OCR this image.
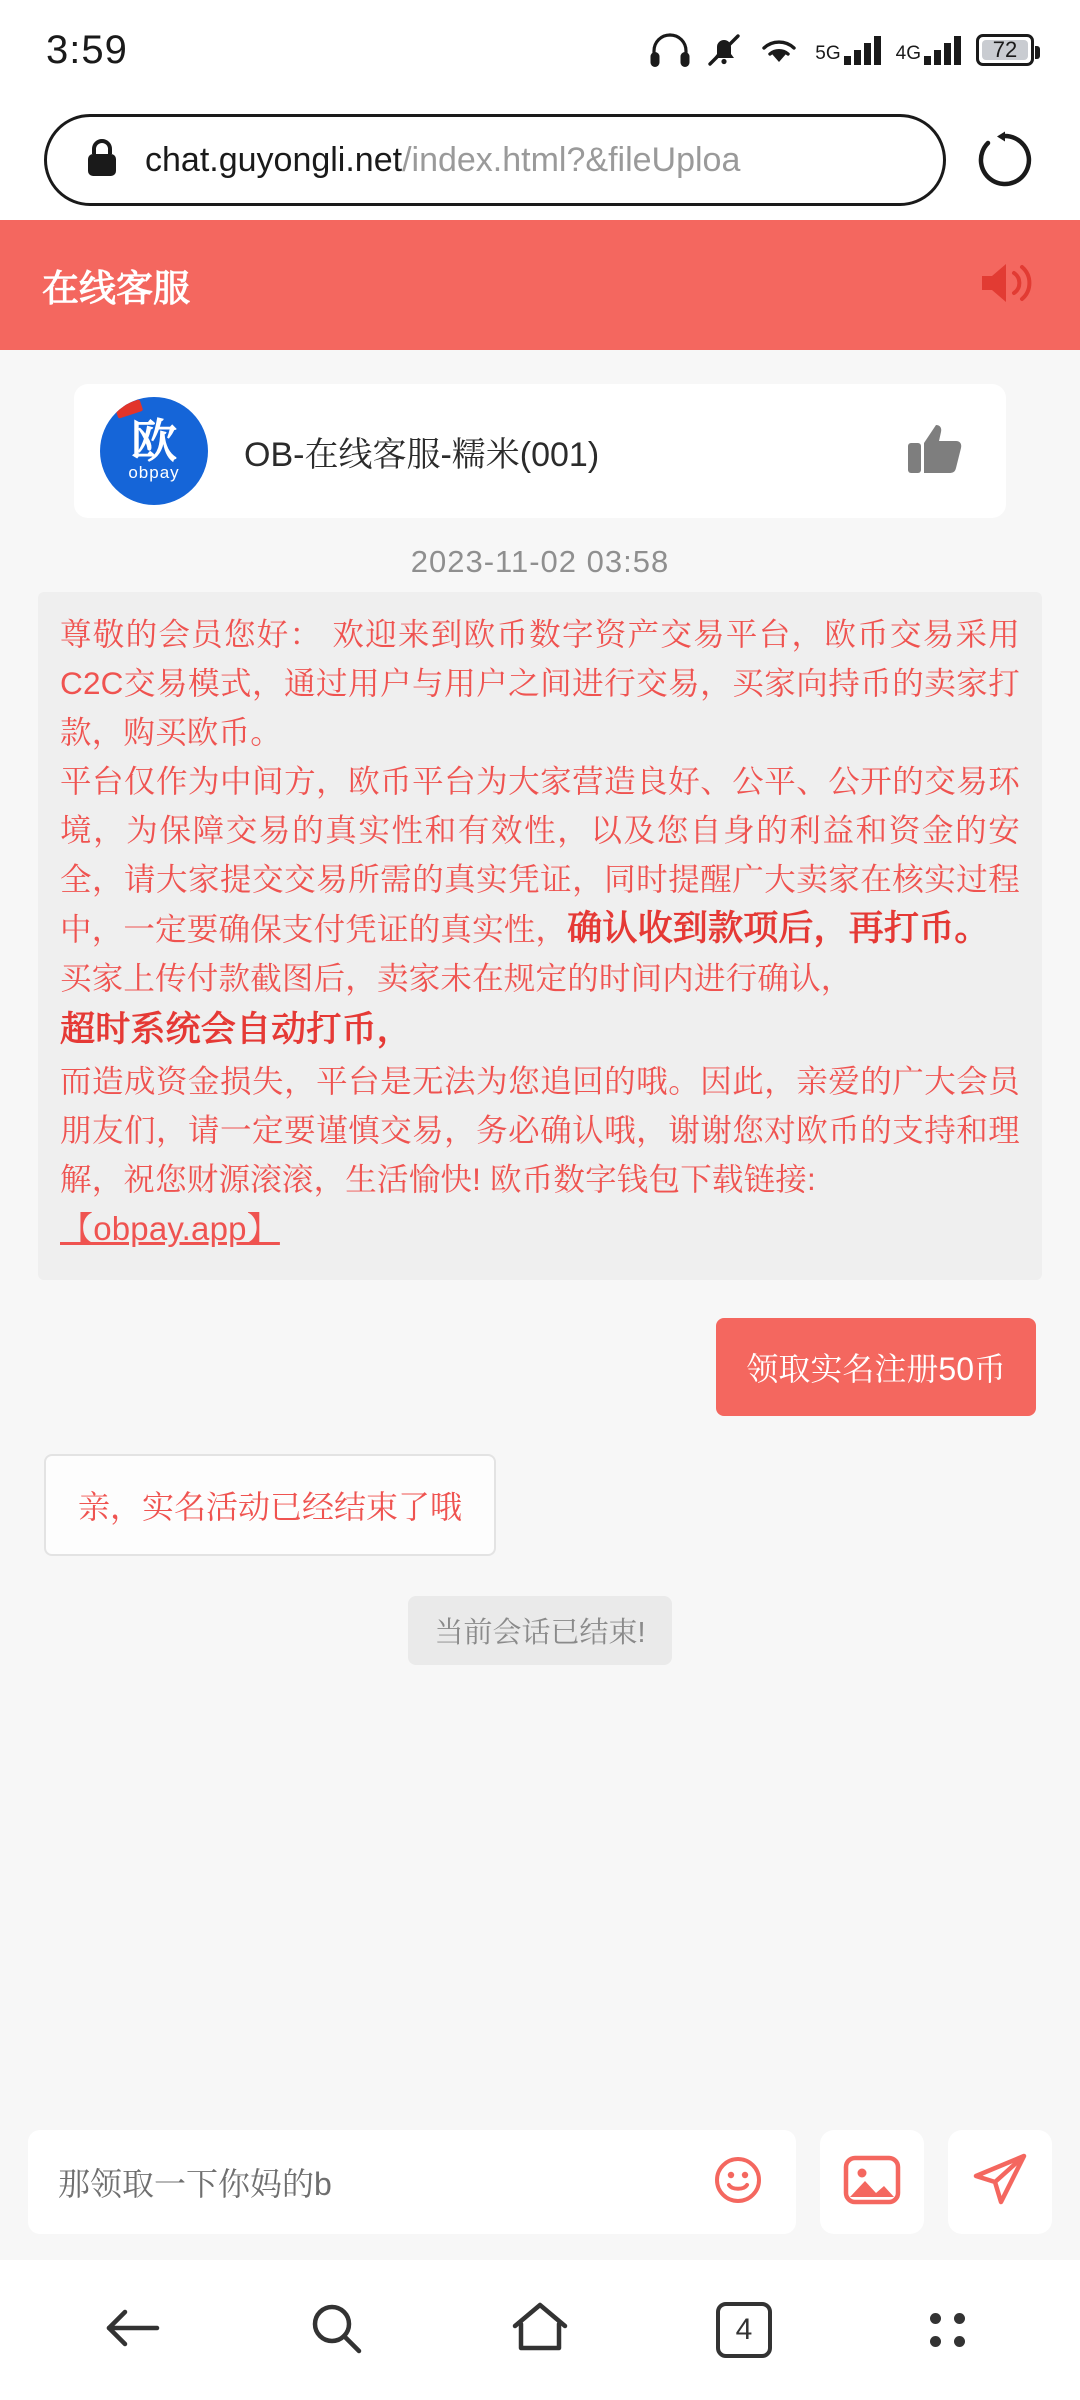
3:59	5G	4G	72
chat.guyongli.net/index.html?&fileUploa
在线客服
欧
obpay OB-在线客服-糯米(001)
2023-11-02 03:58

尊敬的会员您好： 欢迎来到欧币数字资产交易平台，欧币交易采用C2C交易模式，通过用户与用户之间进行交易，买家向持币的卖家打款，购买欧币。

平台仅作为中间方，欧币平台为大家营造良好、公平、公开的交易环境，为保障交易的真实性和有效性，以及您自身的利益和资金的安全，请大家提交交易所需的真实凭证，同时提醒广大卖家在核实过程中，一定要确保支付凭证的真实性，确认收到款项后，再打币。

买家上传付款截图后，卖家未在规定的时间内进行确认，

超时系统会自动打币，

而造成资金损失，平台是无法为您追回的哦。因此，亲爱的广大会员朋友们，请一定要谨慎交易，务必确认哦，谢谢您对欧币的支持和理解，祝您财源滚滚，生活愉快! 欧币数字钱包下载链接:

【obpay.app】

领取实名注册50币
亲，实名活动已经结束了哦
当前会话已结束!
那领取一下你妈的b
4
